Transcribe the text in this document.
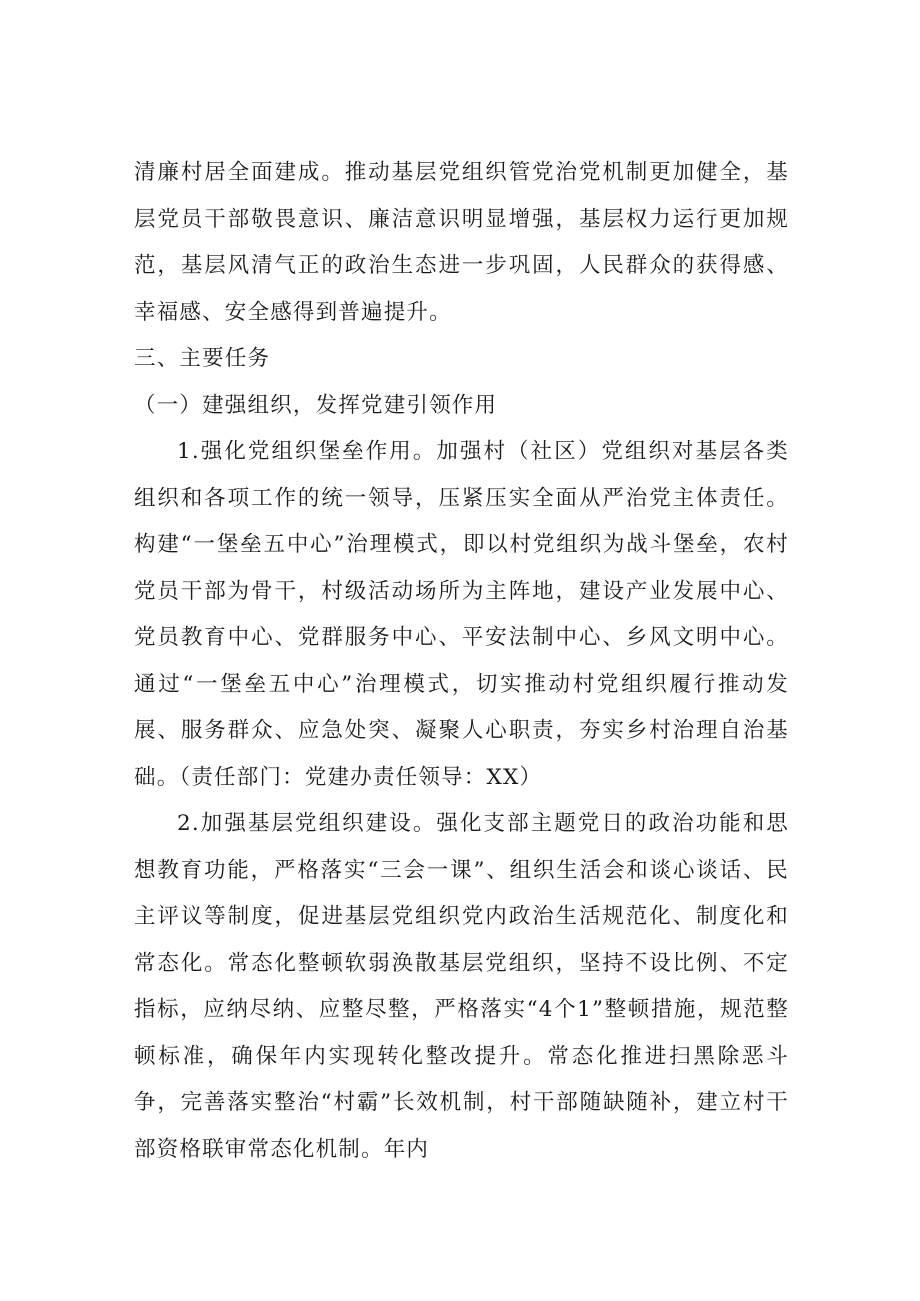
清廉村居全面建成。推动基层党组织管党治党机制更加健全，基层党员干部敬畏意识、廉洁意识明显增强，基层权力运行更加规范，基层风清气正的政治生态进一步巩固，人民群众的获得感、幸福感、安全感得到普遍提升。

三、主要任务

（一）建强组织，发挥党建引领作用

1.强化党组织堡垒作用。加强村（社区）党组织对基层各类组织和各项工作的统一领导，压紧压实全面从严治党主体责任。构建“一堡垒五中心”治理模式，即以村党组织为战斗堡垒，农村党员干部为骨干，村级活动场所为主阵地，建设产业发展中心、党员教育中心、党群服务中心、平安法制中心、乡风文明中心。通过“一堡垒五中心”治理模式，切实推动村党组织履行推动发展、服务群众、应急处突、凝聚人心职责，夯实乡村治理自治基础。（责任部门：党建办责任领导：XX）

2.加强基层党组织建设。强化支部主题党日的政治功能和思想教育功能，严格落实“三会一课”、组织生活会和谈心谈话、民主评议等制度，促进基层党组织党内政治生活规范化、制度化和常态化。常态化整顿软弱涣散基层党组织，坚持不设比例、不定指标，应纳尽纳、应整尽整，严格落实“4个1”整顿措施，规范整顿标准，确保年内实现转化整改提升。常态化推进扫黑除恶斗争，完善落实整治“村霸”长效机制，村干部随缺随补，建立村干部资格联审常态化机制。年内
